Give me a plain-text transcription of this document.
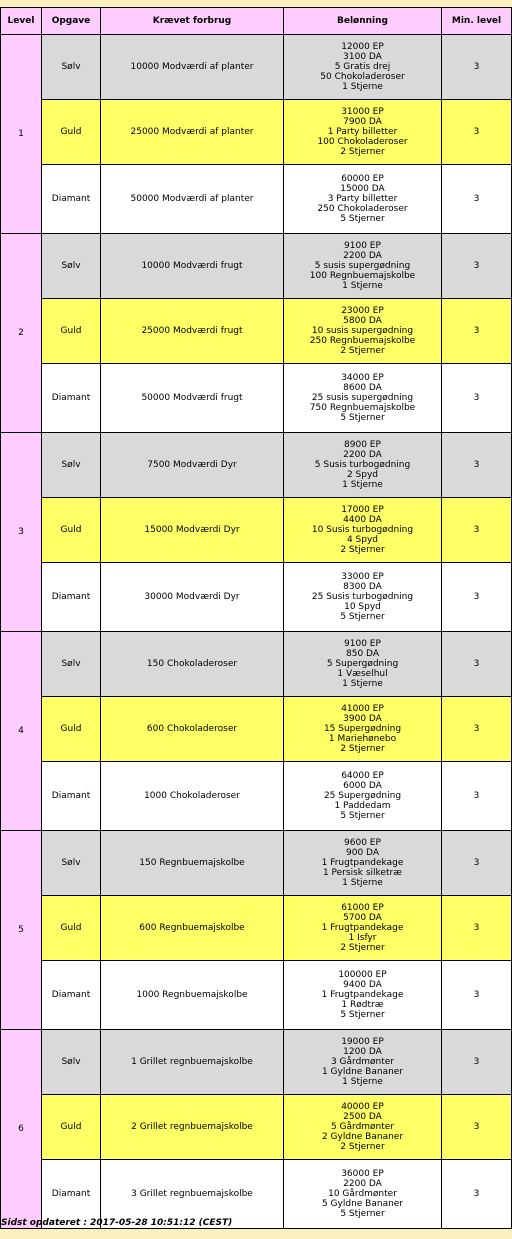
Level	Opgave	Krævet forbrug	Belønning	Min. level
1	Sølv	10000 Modværdi af planter	12000 EP
3100 DA
5 Gratis drej
50 Chokoladeroser
1 Stjerne	3
	Guld	25000 Modværdi af planter	31000 EP
7900 DA
1 Party billetter
100 Chokoladeroser
2 Stjerner	3
	Diamant	50000 Modværdi af planter	60000 EP
15000 DA
3 Party billetter
250 Chokoladeroser
5 Stjerner	3
2	Sølv	10000 Modværdi frugt	9100 EP
2200 DA
5 susis supergødning
100 Regnbuemajskolbe
1 Stjerne	3
	Guld	25000 Modværdi frugt	23000 EP
5800 DA
10 susis supergødning
250 Regnbuemajskolbe
2 Stjerner	3
	Diamant	50000 Modværdi frugt	34000 EP
8600 DA
25 susis supergødning
750 Regnbuemajskolbe
5 Stjerner	3
3	Sølv	7500 Modværdi Dyr	8900 EP
2200 DA
5 Susis turbogødning
2 Spyd
1 Stjerne	3
	Guld	15000 Modværdi Dyr	17000 EP
4400 DA
10 Susis turbogødning
4 Spyd
2 Stjerner	3
	Diamant	30000 Modværdi Dyr	33000 EP
8300 DA
25 Susis turbogødning
10 Spyd
5 Stjerner	3
4	Sølv	150 Chokoladeroser	9100 EP
850 DA
5 Supergødning
1 Væselhul
1 Stjerne	3
	Guld	600 Chokoladeroser	41000 EP
3900 DA
15 Supergødning
1 Mariehønebo
2 Stjerner	3
	Diamant	1000 Chokoladeroser	64000 EP
6000 DA
25 Supergødning
1 Paddedam
5 Stjerner	3
5	Sølv	150 Regnbuemajskolbe	9600 EP
900 DA
1 Frugtpandekage
1 Persisk silketræ
1 Stjerne	3
	Guld	600 Regnbuemajskolbe	61000 EP
5700 DA
1 Frugtpandekage
1 Isfyr
2 Stjerner	3
	Diamant	1000 Regnbuemajskolbe	100000 EP
9400 DA
1 Frugtpandekage
1 Rødtræ
5 Stjerner	3
6	Sølv	1 Grillet regnbuemajskolbe	19000 EP
1200 DA
3 Gårdmønter
1 Gyldne Bananer
1 Stjerne	3
	Guld	2 Grillet regnbuemajskolbe	40000 EP
2500 DA
5 Gårdmønter
2 Gyldne Bananer
2 Stjerner	3
	Diamant	3 Grillet regnbuemajskolbe	36000 EP
2200 DA
10 Gårdmønter
5 Gyldne Bananer
5 Stjerner	3
Sidst opdateret : 2017-05-28 10:51:12 (CEST)
